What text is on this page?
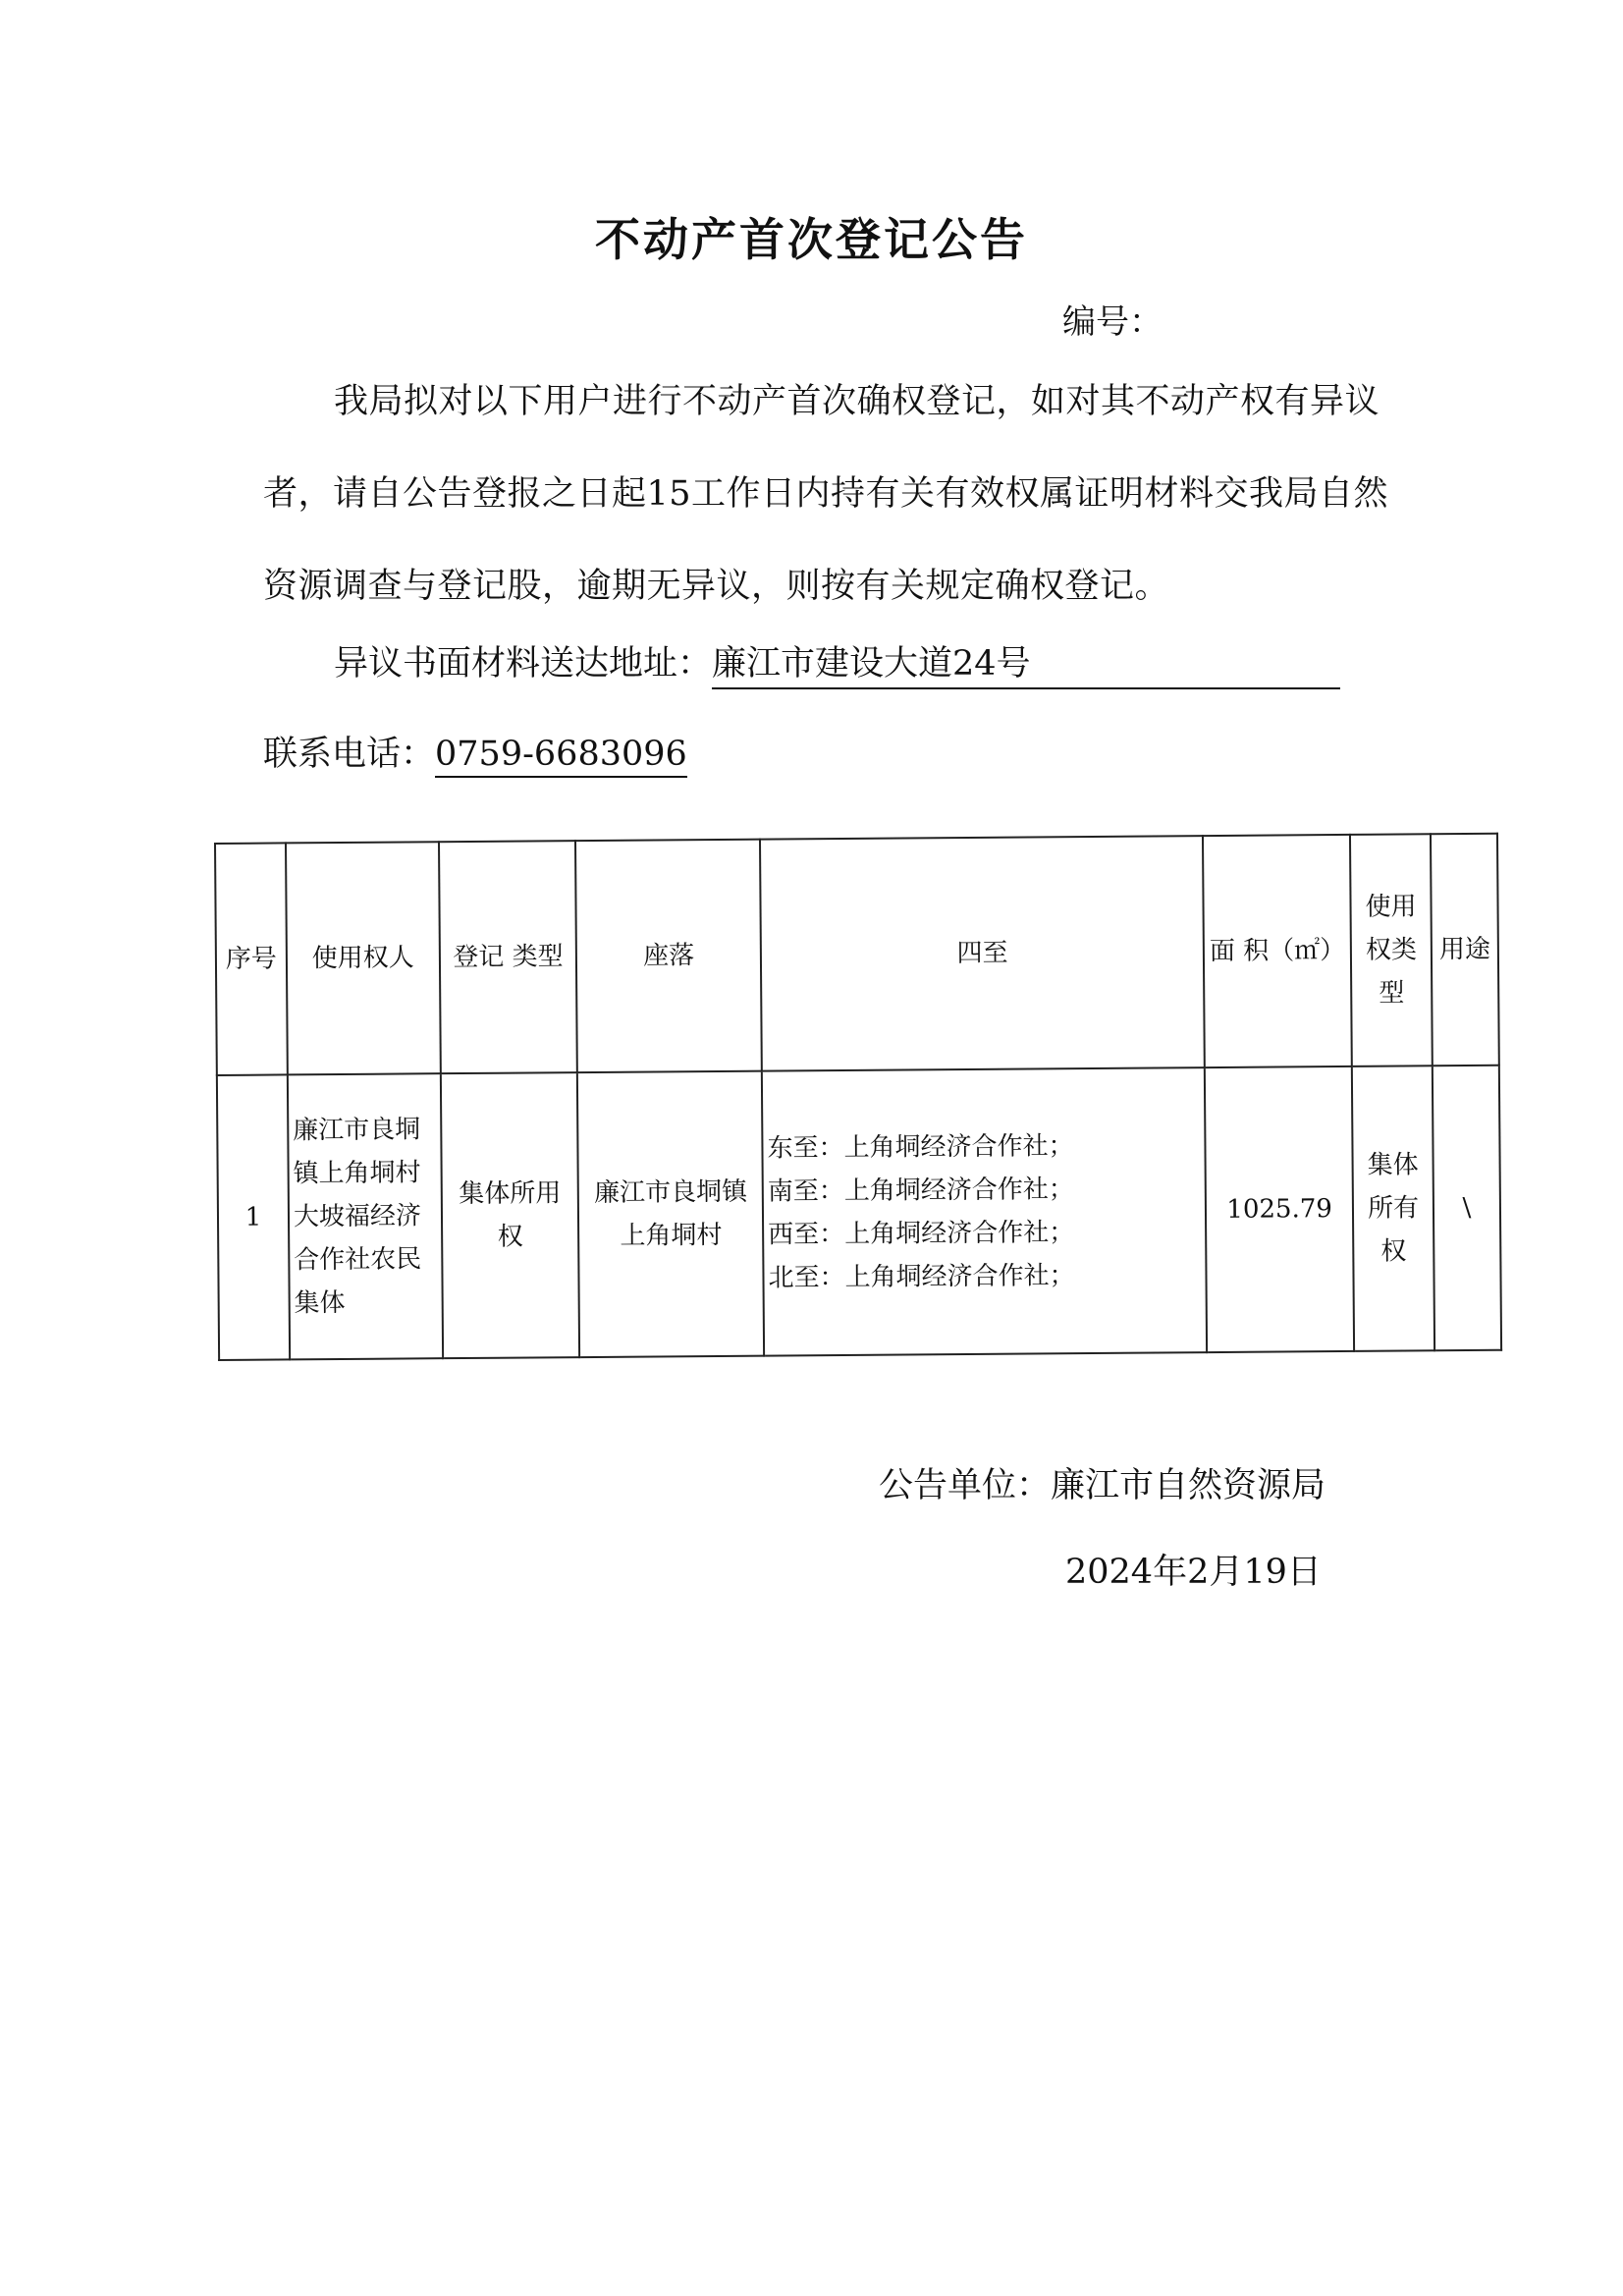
不动产首次登记公告
编号：
我局拟对以下用户进行不动产首次确权登记，如对其不动产权有异议者，请自公告登报之日起15工作日内持有关有效权属证明材料交我局自然资源调查与登记股，逾期无异议，则按有关规定确权登记。
异议书面材料送达地址：廉江市建设大道24号
联系电话：0759-6683096
序号	使用权人	登记 类型	座落	四至	面 积（㎡）	使用权类型	用途
1	廉江市良垌镇上角垌村大坡福经济合作社农民集体	集体所用权	廉江市良垌镇上角垌村	东至：上角垌经济合作社；
南至：上角垌经济合作社；
西至：上角垌经济合作社；
北至：上角垌经济合作社；	1025.79	集体所有权	\
公告单位：廉江市自然资源局
2024年2月19日
